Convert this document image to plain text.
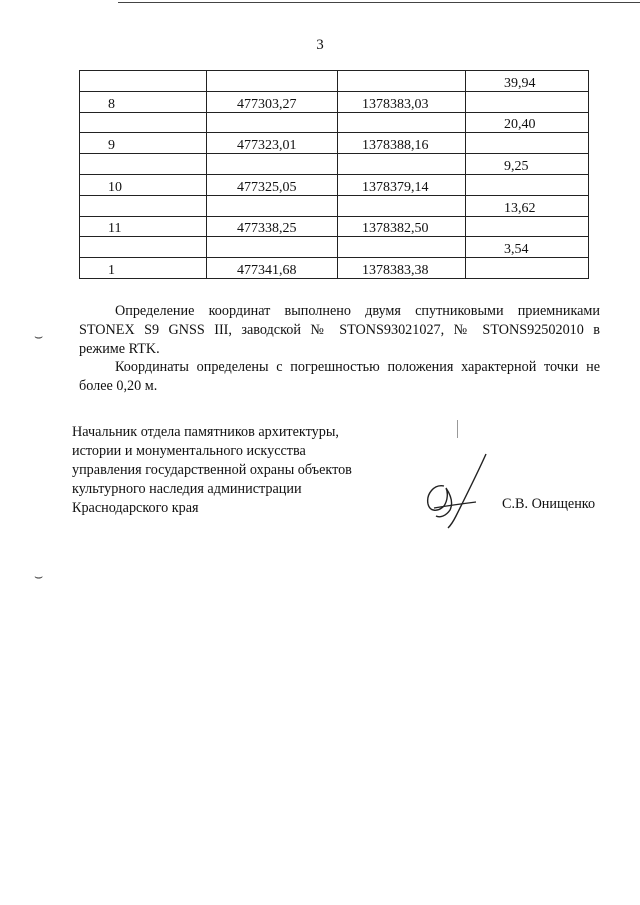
3
			39,94
8	477303,27	1378383,03	
			20,40
9	477323,01	1378388,16	
			9,25
10	477325,05	1378379,14	
			13,62
11	477338,25	1378382,50	
			3,54
1	477341,68	1378383,38	
Определение координат выполнено двумя спутниковыми приемниками
STONEX S9 GNSS III, заводской № STONS93021027, № STONS92502010 в
режиме RTK.
Координаты определены с погрешностью положения характерной точки не
более 0,20 м.
Начальник отдела памятников архитектуры,
истории и монументального искусства
управления государственной охраны объектов
культурного наследия администрации
Краснодарского края	С.В. Онищенко
⌣
⌣
